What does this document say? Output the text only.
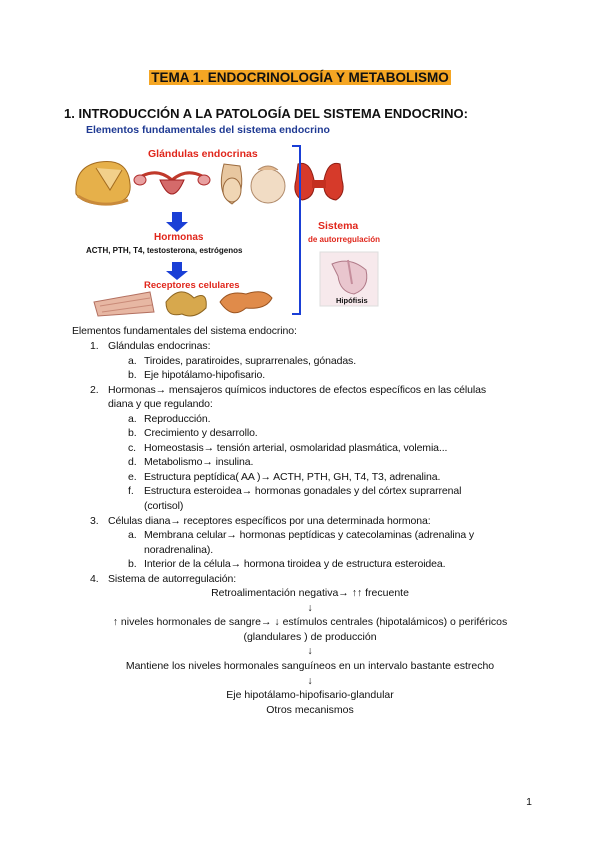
TEMA 1. ENDOCRINOLOGÍA Y METABOLISMO
1. INTRODUCCIÓN A LA PATOLOGÍA DEL SISTEMA ENDOCRINO:
Elementos fundamentales del sistema endocrino
Glándulas endocrinas
Hormonas
ACTH, PTH, T4, testosterona, estrógenos
Receptores celulares
Sistema
de autorregulación
Hipófisis
Elementos fundamentales del sistema endocrino:
1. Glándulas endocrinas:
a. Tiroides, paratiroides, suprarrenales, gónadas.
b. Eje hipotálamo-hipofisario.
2. Hormonas→ mensajeros químicos inductores de efectos específicos en las células
diana y que regulando:
a. Reproducción.
b. Crecimiento y desarrollo.
c. Homeostasis→ tensión arterial, osmolaridad plasmática, volemia...
d. Metabolismo→ insulina.
e. Estructura peptídica( AA )→ ACTH, PTH, GH, T4, T3, adrenalina.
f. Estructura esteroidea→ hormonas gonadales y del córtex suprarrenal
(cortisol)
3. Células diana→ receptores específicos por una determinada hormona:
a. Membrana celular→ hormonas peptídicas y catecolaminas (adrenalina y
noradrenalina).
b. Interior de la célula→ hormona tiroidea y de estructura esteroidea.
4. Sistema de autorregulación:
Retroalimentación negativa→ ↑↑ frecuente
↓
↑ niveles hormonales de sangre→ ↓ estímulos centrales (hipotalámicos) o periféricos
(glandulares ) de producción
↓
Mantiene los niveles hormonales sanguíneos en un intervalo bastante estrecho
↓
Eje hipotálamo-hipofisario-glandular
Otros mecanismos
1
